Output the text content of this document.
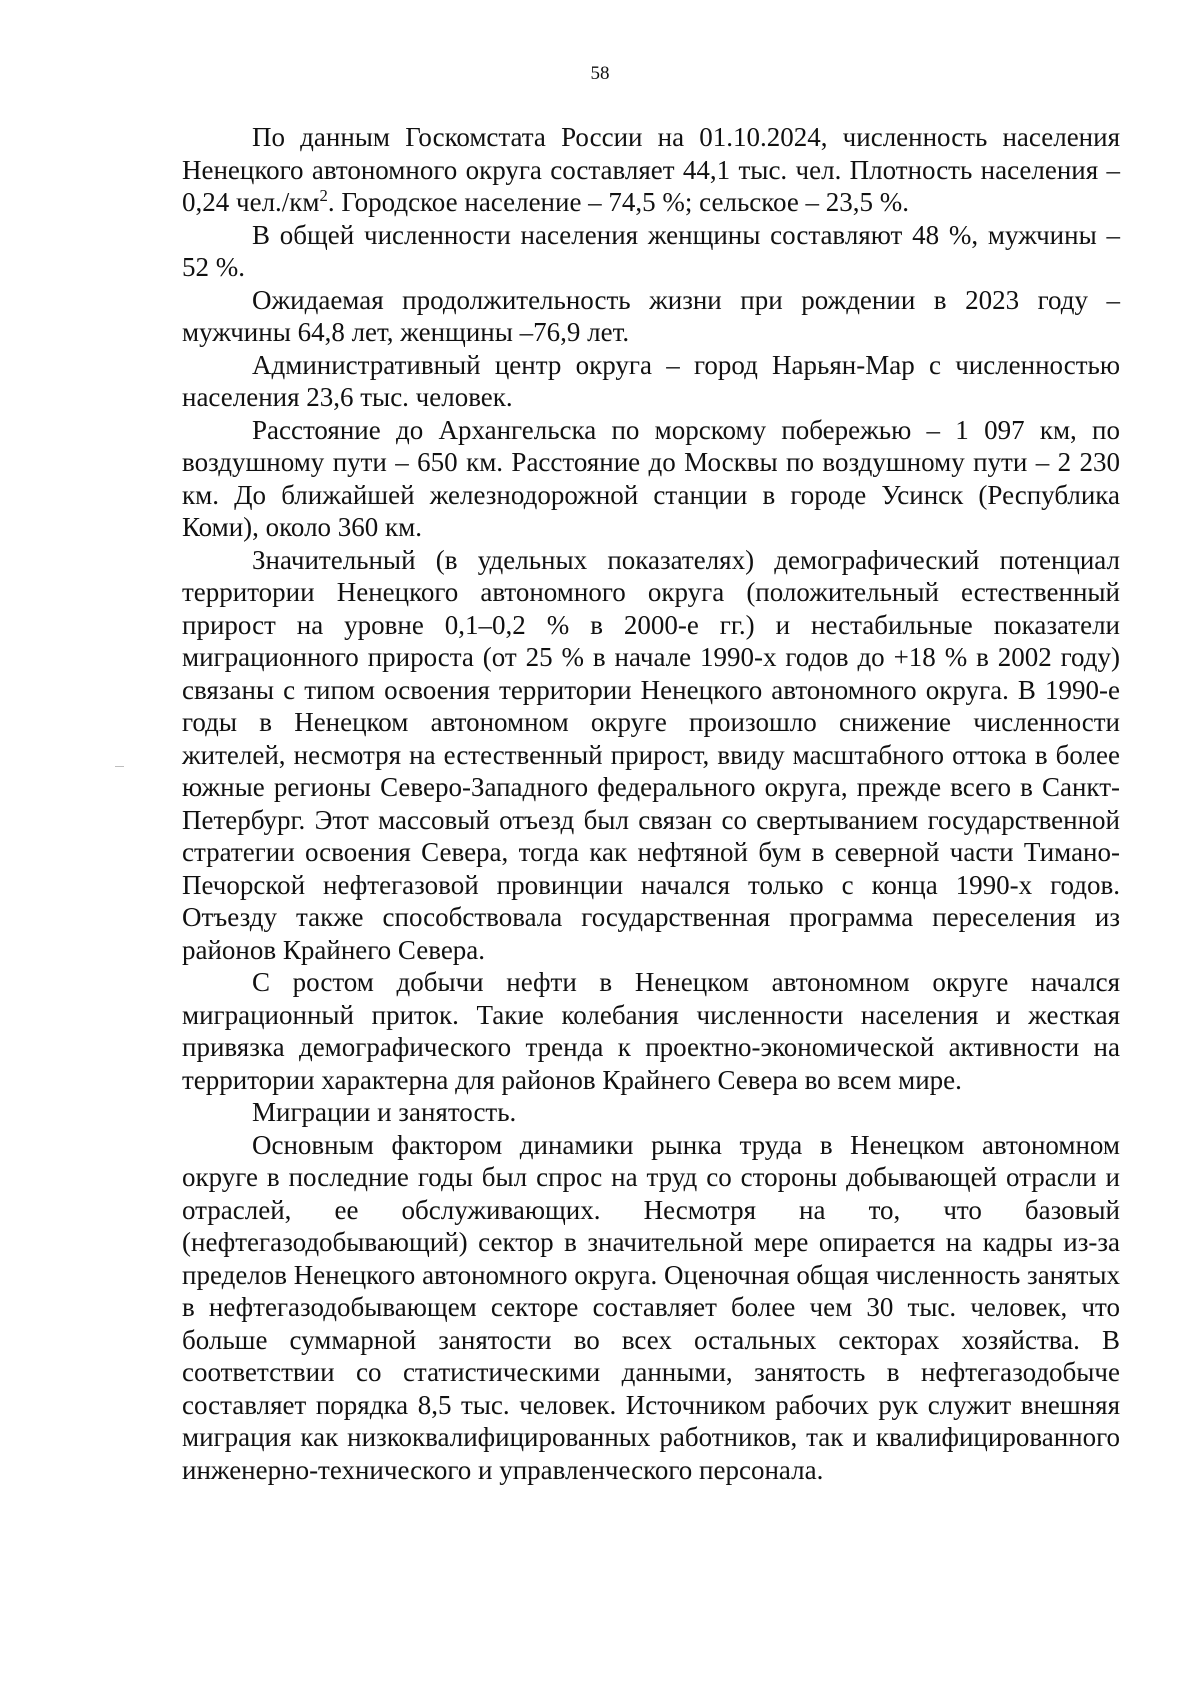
58

По данным Госкомстата России на 01.10.2024, численность населения Ненецкого автономного округа составляет 44,1 тыс. чел. Плотность населения – 0,24 $чел./км^2$. Городское население – 74,5 %; сельское – 23,5 %.

В общей численности населения женщины составляют 48 %, мужчины – 52 %.

Ожидаемая продолжительность жизни при рождении в 2023 году – мужчины 64,8 лет, женщины –76,9 лет.

Административный центр округа – город Нарьян-Мар с численностью населения 23,6 тыс. человек.

Расстояние до Архангельска по морскому побережью – 1 097 км, по воздушному пути – 650 км. Расстояние до Москвы по воздушному пути – 2 230 км. До ближайшей железнодорожной станции в городе Усинск (Республика Коми), около 360 км.

Значительный (в удельных показателях) демографический потенциал территории Ненецкого автономного округа (положительный естественный прирост на уровне 0,1–0,2 % в 2000-е гг.) и нестабильные показатели миграционного прироста (от 25 % в начале 1990-х годов до +18 % в 2002 году) связаны с типом освоения территории Ненецкого автономного округа. В 1990-е годы в Ненецком автономном округе произошло снижение численности жителей, несмотря на естественный прирост, ввиду масштабного оттока в более южные регионы Северо-Западного федерального округа, прежде всего в Санкт-Петербург. Этот массовый отъезд был связан со свертыванием государственной стратегии освоения Севера, тогда как нефтяной бум в северной части Тимано-Печорской нефтегазовой провинции начался только с конца 1990-х годов. Отъезду также способствовала государственная программа переселения из районов Крайнего Севера.

С ростом добычи нефти в Ненецком автономном округе начался миграционный приток. Такие колебания численности населения и жесткая привязка демографического тренда к проектно-экономической активности на территории характерна для районов Крайнего Севера во всем мире.

Миграции и занятость.

Основным фактором динамики рынка труда в Ненецком автономном округе в последние годы был спрос на труд со стороны добывающей отрасли и отраслей, ее обслуживающих. Несмотря на то, что базовый (нефтегазодобывающий) сектор в значительной мере опирается на кадры из-за пределов Ненецкого автономного округа. Оценочная общая численность занятых в нефтегазодобывающем секторе составляет более чем 30 тыс. человек, что больше суммарной занятости во всех остальных секторах хозяйства. В соответствии со статистическими данными, занятость в нефтегазодобыче составляет порядка 8,5 тыс. человек. Источником рабочих рук служит внешняя миграция как низкоквалифицированных работников, так и квалифицированного инженерно-технического и управленческого персонала.
